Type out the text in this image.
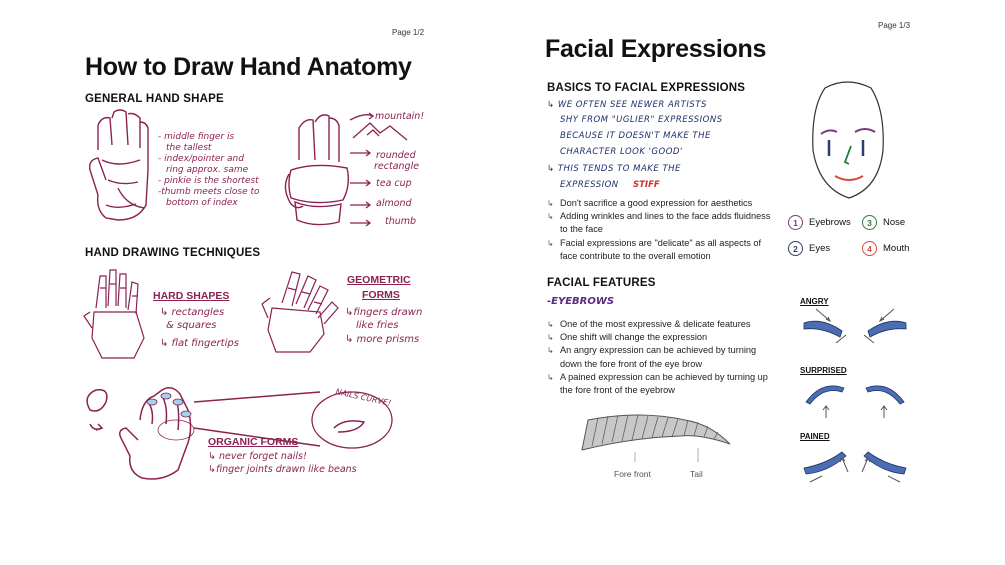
Page 1/2
How to Draw Hand Anatomy
GENERAL HAND SHAPE
- middle finger is
the tallest
- index/pointer and
ring approx. same
- pinkie is the shortest
-thumb meets close to
bottom of index
mountain!
rounded
rectangle
tea cup
almond
thumb
HAND DRAWING TECHNIQUES
HARD SHAPES
↳ rectangles
& squares
↳ flat fingertips
GEOMETRIC
FORMS
↳fingers drawn
like fries
↳ more prisms
NAILS CURVE!
ORGANIC FORMS
↳ never forget nails!
↳finger joints drawn like beans
Page 1/3
Facial Expressions
BASICS TO FACIAL EXPRESSIONS
↳ WE OFTEN SEE NEWER ARTISTS
SHY FROM "UGLIER" EXPRESSIONS
BECAUSE IT DOESN'T MAKE THE
CHARACTER LOOK 'GOOD'
↳ THIS TENDS TO MAKE THE
EXPRESSION STIFF
↳ Don't sacrifice a good expression for aesthetics
↳ Adding wrinkles and lines to the face adds fluidness to the face
↳ Facial expressions are "delicate" as all aspects of face contribute to the overall emotion
1	Eyebrows	3	Nose
2	Eyes	4	Mouth
FACIAL FEATURES
-EYEBROWS
↳ One of the most expressive & delicate features
↳ One shift will change the expression
↳ An angry expression can be achieved by turning down the fore front of the eye brow
↳ A pained expression can be achieved by turning up the fore front of the eyebrow
Fore front	Tail
ANGRY
SURPRISED
PAINED
